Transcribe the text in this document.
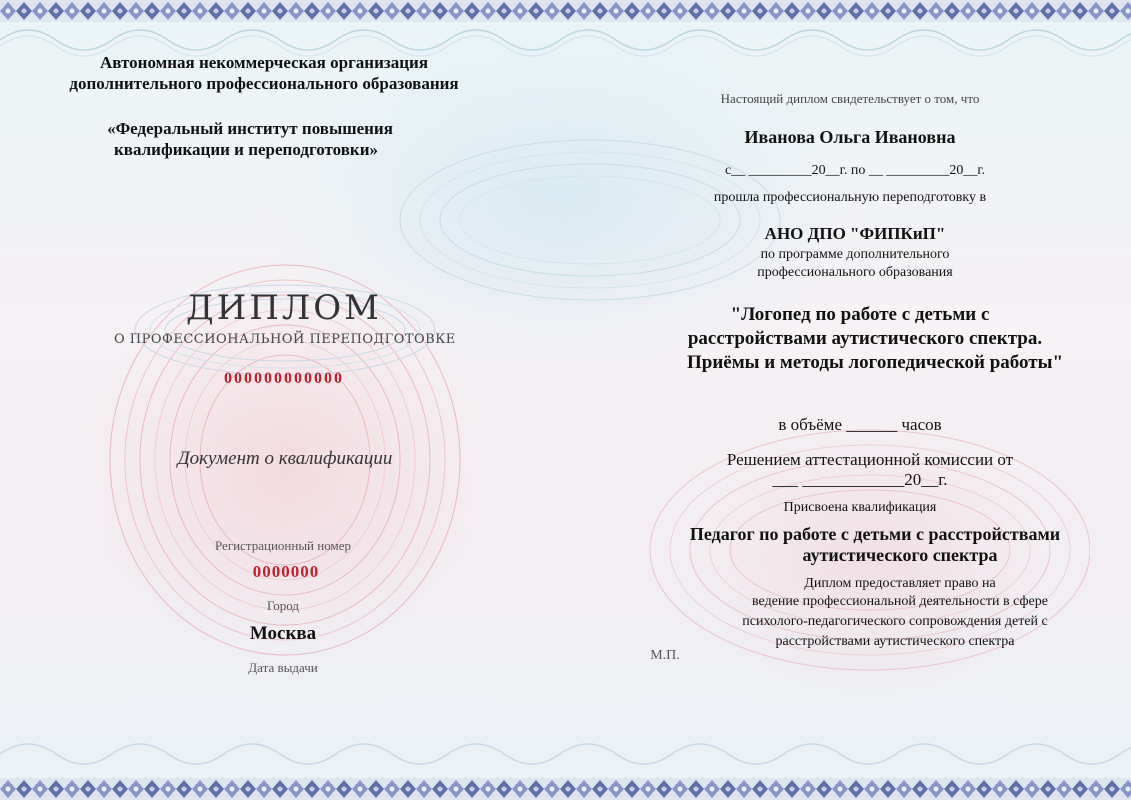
Автономная некоммерческая организация
дополнительного профессионального образования
«Федеральный институт повышения
квалификации и переподготовки»
ДИПЛОМ
О ПРОФЕССИОНАЛЬНОЙ ПЕРЕПОДГОТОВКЕ
000000000000
Документ о квалификации
Регистрационный номер
0000000
Город
Москва
Дата выдачи
Настоящий диплом свидетельствует о том, что
Иванова Ольга Ивановна
с__ _________20__г. по __ _________20__г.
прошла профессиональную переподготовку в
АНО ДПО "ФИПКиП"
по программе дополнительного
профессионального образования
"Логопед по работе с детьми с
расстройствами аутистического спектра.
Приёмы и методы логопедической работы"
в объёме ______ часов
Решением аттестационной комиссии от
___ ____________20__г.
Присвоена квалификация
Педагог по работе с детьми с расстройствами
аутистического спектра
Диплом предоставляет право на
ведение профессиональной деятельности в сфере
психолого-педагогического сопровождения детей с
расстройствами аутистического спектра
М.П.
